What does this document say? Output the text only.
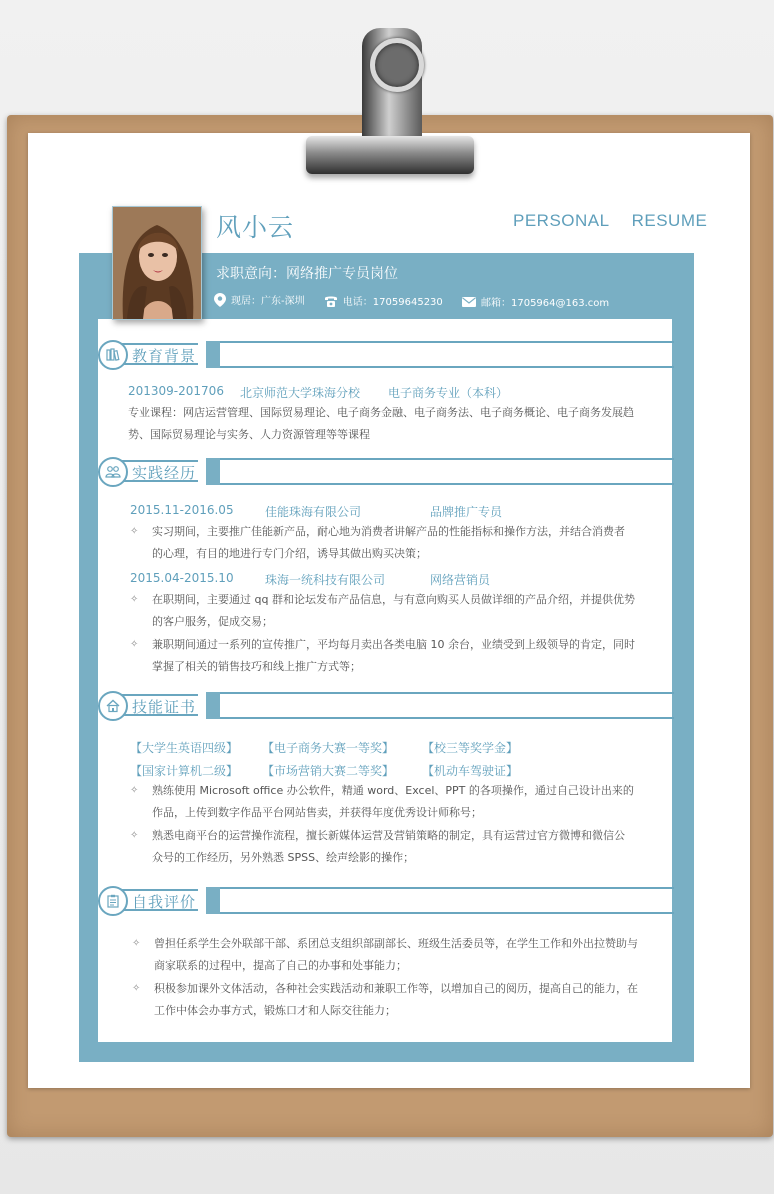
风小云	PERSONAL RESUME
求职意向：网络推广专员岗位
现居：广东-深圳
	电话：17059645230
	邮箱：1705964@163.com
教育背景
201309-201706 北京师范大学珠海分校 电子商务专业（本科）
专业课程：网店运营管理、国际贸易理论、电子商务金融、电子商务法、电子商务概论、电子商务发展趋
势、国际贸易理论与实务、人力资源管理等等课程
实践经历
2015.11-2016.05	佳能珠海有限公司	品牌推广专员
✧ 实习期间，主要推广佳能新产品，耐心地为消费者讲解产品的性能指标和操作方法，并结合消费者
的心理，有目的地进行专门介绍，诱导其做出购买决策；
2015.04-2015.10	珠海一统科技有限公司	网络营销员
✧ 在职期间，主要通过 qq 群和论坛发布产品信息，与有意向购买人员做详细的产品介绍，并提供优势
的客户服务，促成交易；
✧ 兼职期间通过一系列的宣传推广，平均每月卖出各类电脑 10 余台，业绩受到上级领导的肯定，同时
掌握了相关的销售技巧和线上推广方式等；
技能证书
【大学生英语四级】 【电子商务大赛一等奖】 【校三等奖学金】
【国家计算机二级】 【市场营销大赛二等奖】 【机动车驾驶证】
✧ 熟练使用 Microsoft office 办公软件，精通 word、Excel、PPT 的各项操作，通过自己设计出来的
作品，上传到数字作品平台网站售卖，并获得年度优秀设计师称号；
✧ 熟悉电商平台的运营操作流程，擅长新媒体运营及营销策略的制定，具有运营过官方微博和微信公
众号的工作经历，另外熟悉 SPSS、绘声绘影的操作；
自我评价
✧ 曾担任系学生会外联部干部、系团总支组织部副部长、班级生活委员等，在学生工作和外出拉赞助与
商家联系的过程中，提高了自己的办事和处事能力；
✧ 积极参加课外文体活动，各种社会实践活动和兼职工作等，以增加自己的阅历，提高自己的能力，在
工作中体会办事方式，锻炼口才和人际交往能力；
